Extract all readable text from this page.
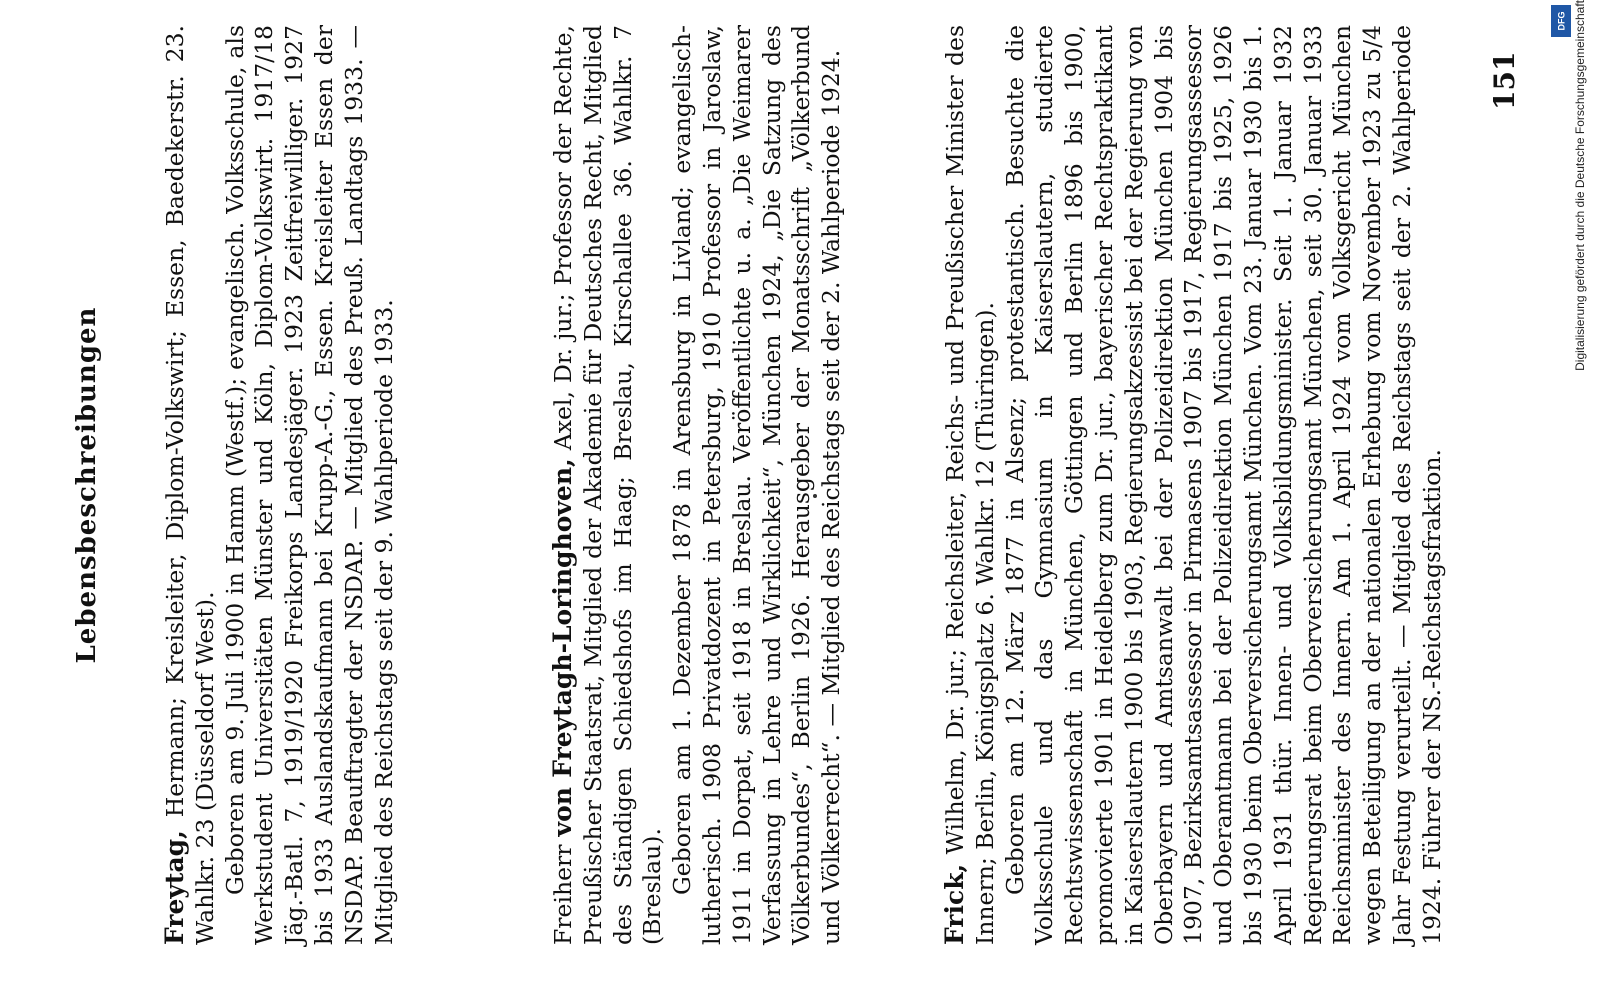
Lebensbeschreibungen

Freytag, Hermann; Kreisleiter, Diplom-Volkswirt; Essen, Baedekerstr. 23. Wahlkr. 23 (Düsseldorf West). Geboren am 9. Juli 1900 in Hamm (Westf.); evangelisch. Volksschule, als Werkstudent Universitäten Münster und Köln, Diplom-Volkswirt. 1917/18 Jäg.-Batl. 7, 1919/1920 Freikorps Landesjäger. 1923 Zeitfreiwilliger. 1927 bis 1933 Auslandskaufmann bei Krupp-A.-G., Essen. Kreisleiter Essen der NSDAP. Beauftragter der NSDAP. — Mitglied des Preuß. Landtags 1933. — Mitglied des Reichstags seit der 9. Wahlperiode 1933.	Freiherr von Freytagh-Loringhoven, Axel, Dr. jur.; Professor der Rechte, Preußischer Staatsrat, Mitglied der Akademie für Deutsches Recht, Mitglied des Ständigen Schiedshofs im Haag; Breslau, Kirschallee 36. Wahlkr. 7 (Breslau). Geboren am 1. Dezember 1878 in Arensburg in Livland; evangelisch-lutherisch. 1908 Privatdozent in Petersburg, 1910 Professor in Jaroslaw, 1911 in Dorpat, seit 1918 in Breslau. Veröffentlichte u. a. „Die Weimarer Verfassung in Lehre und Wirklichkeit“, München 1924, „Die Satzung des Völkerbundes“, Berlin 1926. Herausgeber der Monatsschrift „Völkerbund und Völkerrecht“. — Mitglied des Reichstags seit der 2. Wahlperiode 1924.	Frick, Wilhelm, Dr. jur.; Reichsleiter, Reichs- und Preußischer Minister des Innern; Berlin, Königsplatz 6. Wahlkr. 12 (Thüringen). Geboren am 12. März 1877 in Alsenz; protestantisch. Besuchte die Volksschule und das Gymnasium in Kaiserslautern, studierte Rechtswissenschaft in München, Göttingen und Berlin 1896 bis 1900, promovierte 1901 in Heidelberg zum Dr. jur., bayerischer Rechtspraktikant in Kaiserslautern 1900 bis 1903, Regierungsakzessist bei der Regierung von Oberbayern und Amtsanwalt bei der Polizeidirektion München 1904 bis 1907, Bezirksamtsassessor in Pirmasens 1907 bis 1917, Regierungsassessor und Oberamtmann bei der Polizeidirektion München 1917 bis 1925, 1926 bis 1930 beim Oberversicherungsamt München. Vom 23. Januar 1930 bis 1. April 1931 thür. Innen- und Volksbildungsminister. Seit 1. Januar 1932 Regierungsrat beim Oberversicherungsamt München, seit 30. Januar 1933 Reichsminister des Innern. Am 1. April 1924 vom Volksgericht München wegen Beteiligung an der nationalen Erhebung vom November 1923 zu 5/4 Jahr Festung verurteilt. — Mitglied des Reichstags seit der 2. Wahlperiode 1924. Führer der NS.-Reichstagsfraktion.

151
DFG Digitalisierung gefördert durch die Deutsche Forschungsgemeinschaft
